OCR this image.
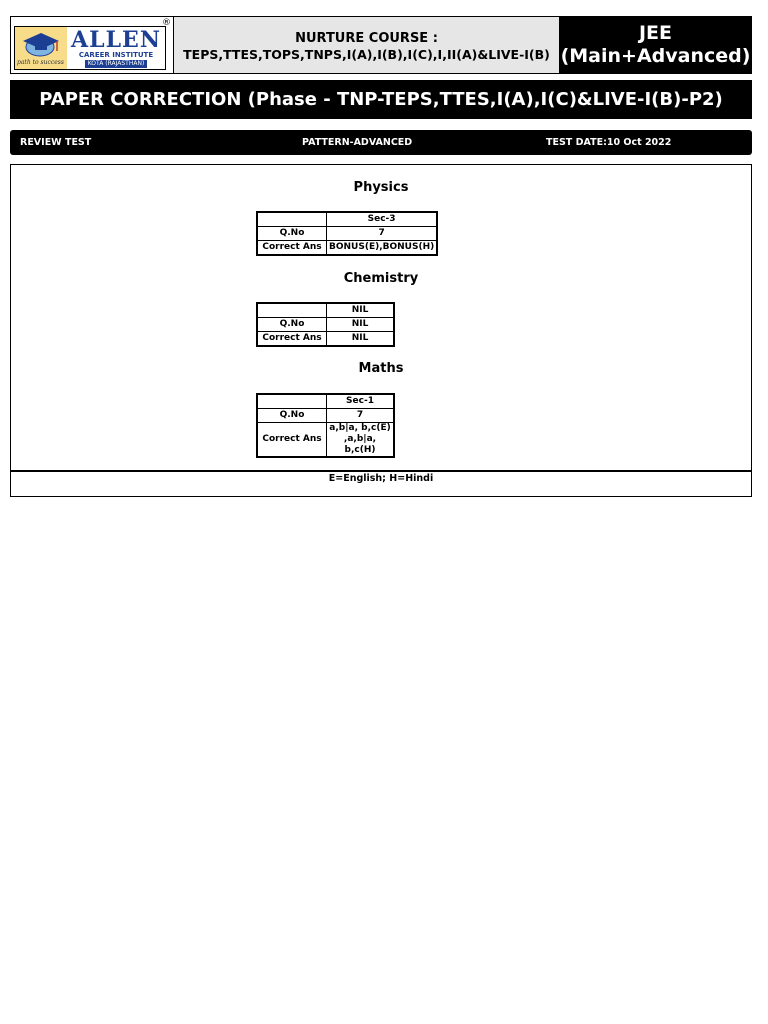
path to success
ALLEN
CAREER INSTITUTE
KOTA (RAJASTHAN)
®
NURTURE COURSE :
TEPS,TTES,TOPS,TNPS,I(A),I(B),I(C),I,II(A)&LIVE-I(B)
JEE
(Main+Advanced)
PAPER CORRECTION (Phase - TNP-TEPS,TTES,I(A),I(C)&LIVE-I(B)-P2)
REVIEW TEST	PATTERN-ADVANCED	TEST DATE:10 Oct 2022
Physics
	Sec-3
Q.No	7
Correct Ans	BONUS(E),BONUS(H)
Chemistry
	NIL
Q.No	NIL
Correct Ans	NIL
Maths
	Sec-1
Q.No	7
Correct Ans	a,b|a, b,c(E)
,a,b|a,
b,c(H)
E=English; H=Hindi
